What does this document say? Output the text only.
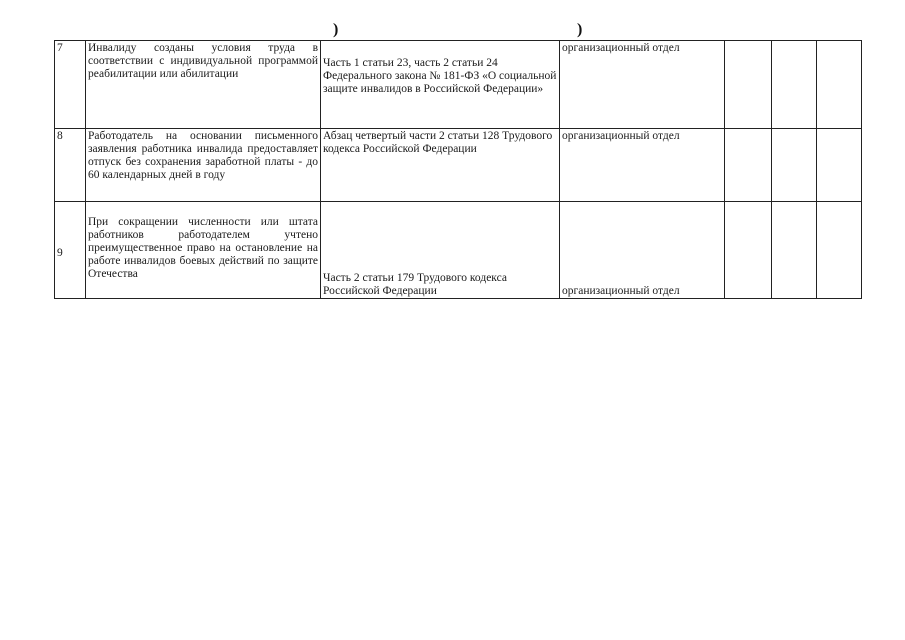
)	)
7	Инвалиду созданы условия труда в соответствии с индивидуальной программой реабилитации или абилитации	Часть 1 статьи 23, часть 2 статьи 24 Федерального закона № 181-ФЗ «О социальной защите инвалидов в Российской Федерации»	организационный отдел			
8	Работодатель на основании письменного заявления работника инвалида предоставляет отпуск без сохранения заработной платы - до 60 календарных дней в году	Абзац четвертый части 2 статьи 128 Трудового кодекса Российской Федерации	организационный отдел			
9	При сокращении численности или штата работников работодателем учтено преимущественное право на остановление на работе инвалидов боевых действий по защите Отечества	Часть 2 статьи 179 Трудового кодекса Российской Федерации	организационный отдел			
